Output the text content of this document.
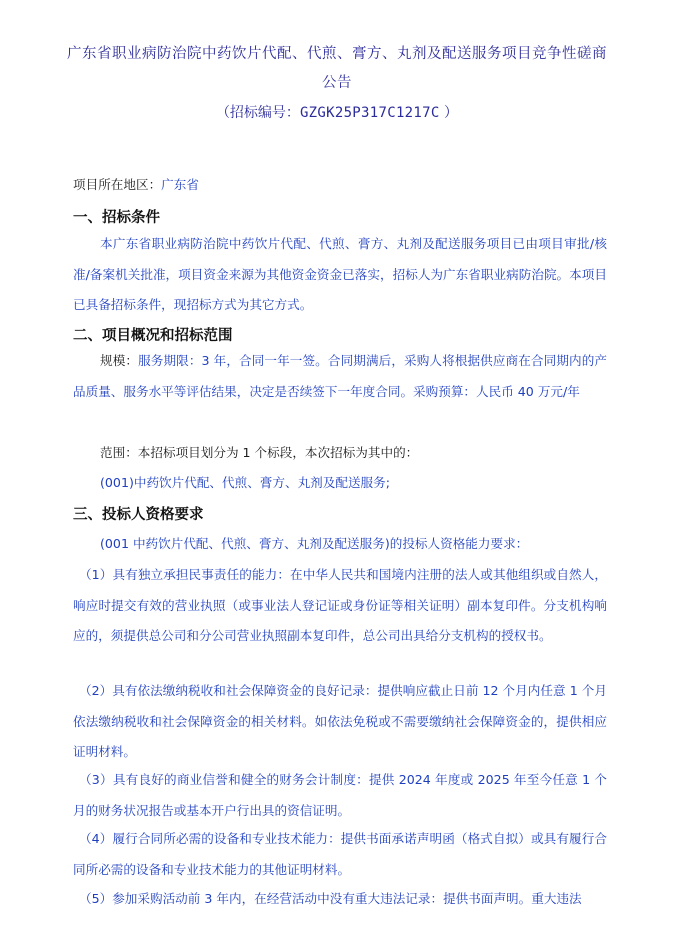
广东省职业病防治院中药饮片代配、代煎、膏方、丸剂及配送服务项目竞争性磋商公告
（招标编号：GZGK25P317C1217C ）
项目所在地区：广东省
一、招标条件
本广东省职业病防治院中药饮片代配、代煎、膏方、丸剂及配送服务项目已由项目审批/核准/备案机关批准，项目资金来源为其他资金资金已落实，招标人为广东省职业病防治院。本项目已具备招标条件，现招标方式为其它方式。
二、项目概况和招标范围
规模：服务期限：3 年，合同一年一签。合同期满后，采购人将根据供应商在合同期内的产品质量、服务水平等评估结果，决定是否续签下一年度合同。采购预算：人民币 40 万元/年
范围：本招标项目划分为 1 个标段，本次招标为其中的：
(001)中药饮片代配、代煎、膏方、丸剂及配送服务;
三、投标人资格要求
(001 中药饮片代配、代煎、膏方、丸剂及配送服务)的投标人资格能力要求：
（1）具有独立承担民事责任的能力：在中华人民共和国境内注册的法人或其他组织或自然人，响应时提交有效的营业执照（或事业法人登记证或身份证等相关证明）副本复印件。分支机构响应的，须提供总公司和分公司营业执照副本复印件，总公司出具给分支机构的授权书。
（2）具有依法缴纳税收和社会保障资金的良好记录：提供响应截止日前 12 个月内任意 1 个月依法缴纳税收和社会保障资金的相关材料。如依法免税或不需要缴纳社会保障资金的，提供相应证明材料。
（3）具有良好的商业信誉和健全的财务会计制度：提供 2024 年度或 2025 年至今任意 1 个月的财务状况报告或基本开户行出具的资信证明。
（4）履行合同所必需的设备和专业技术能力：提供书面承诺声明函（格式自拟）或具有履行合同所必需的设备和专业技术能力的其他证明材料。
（5）参加采购活动前 3 年内，在经营活动中没有重大违法记录：提供书面声明。重大违法
